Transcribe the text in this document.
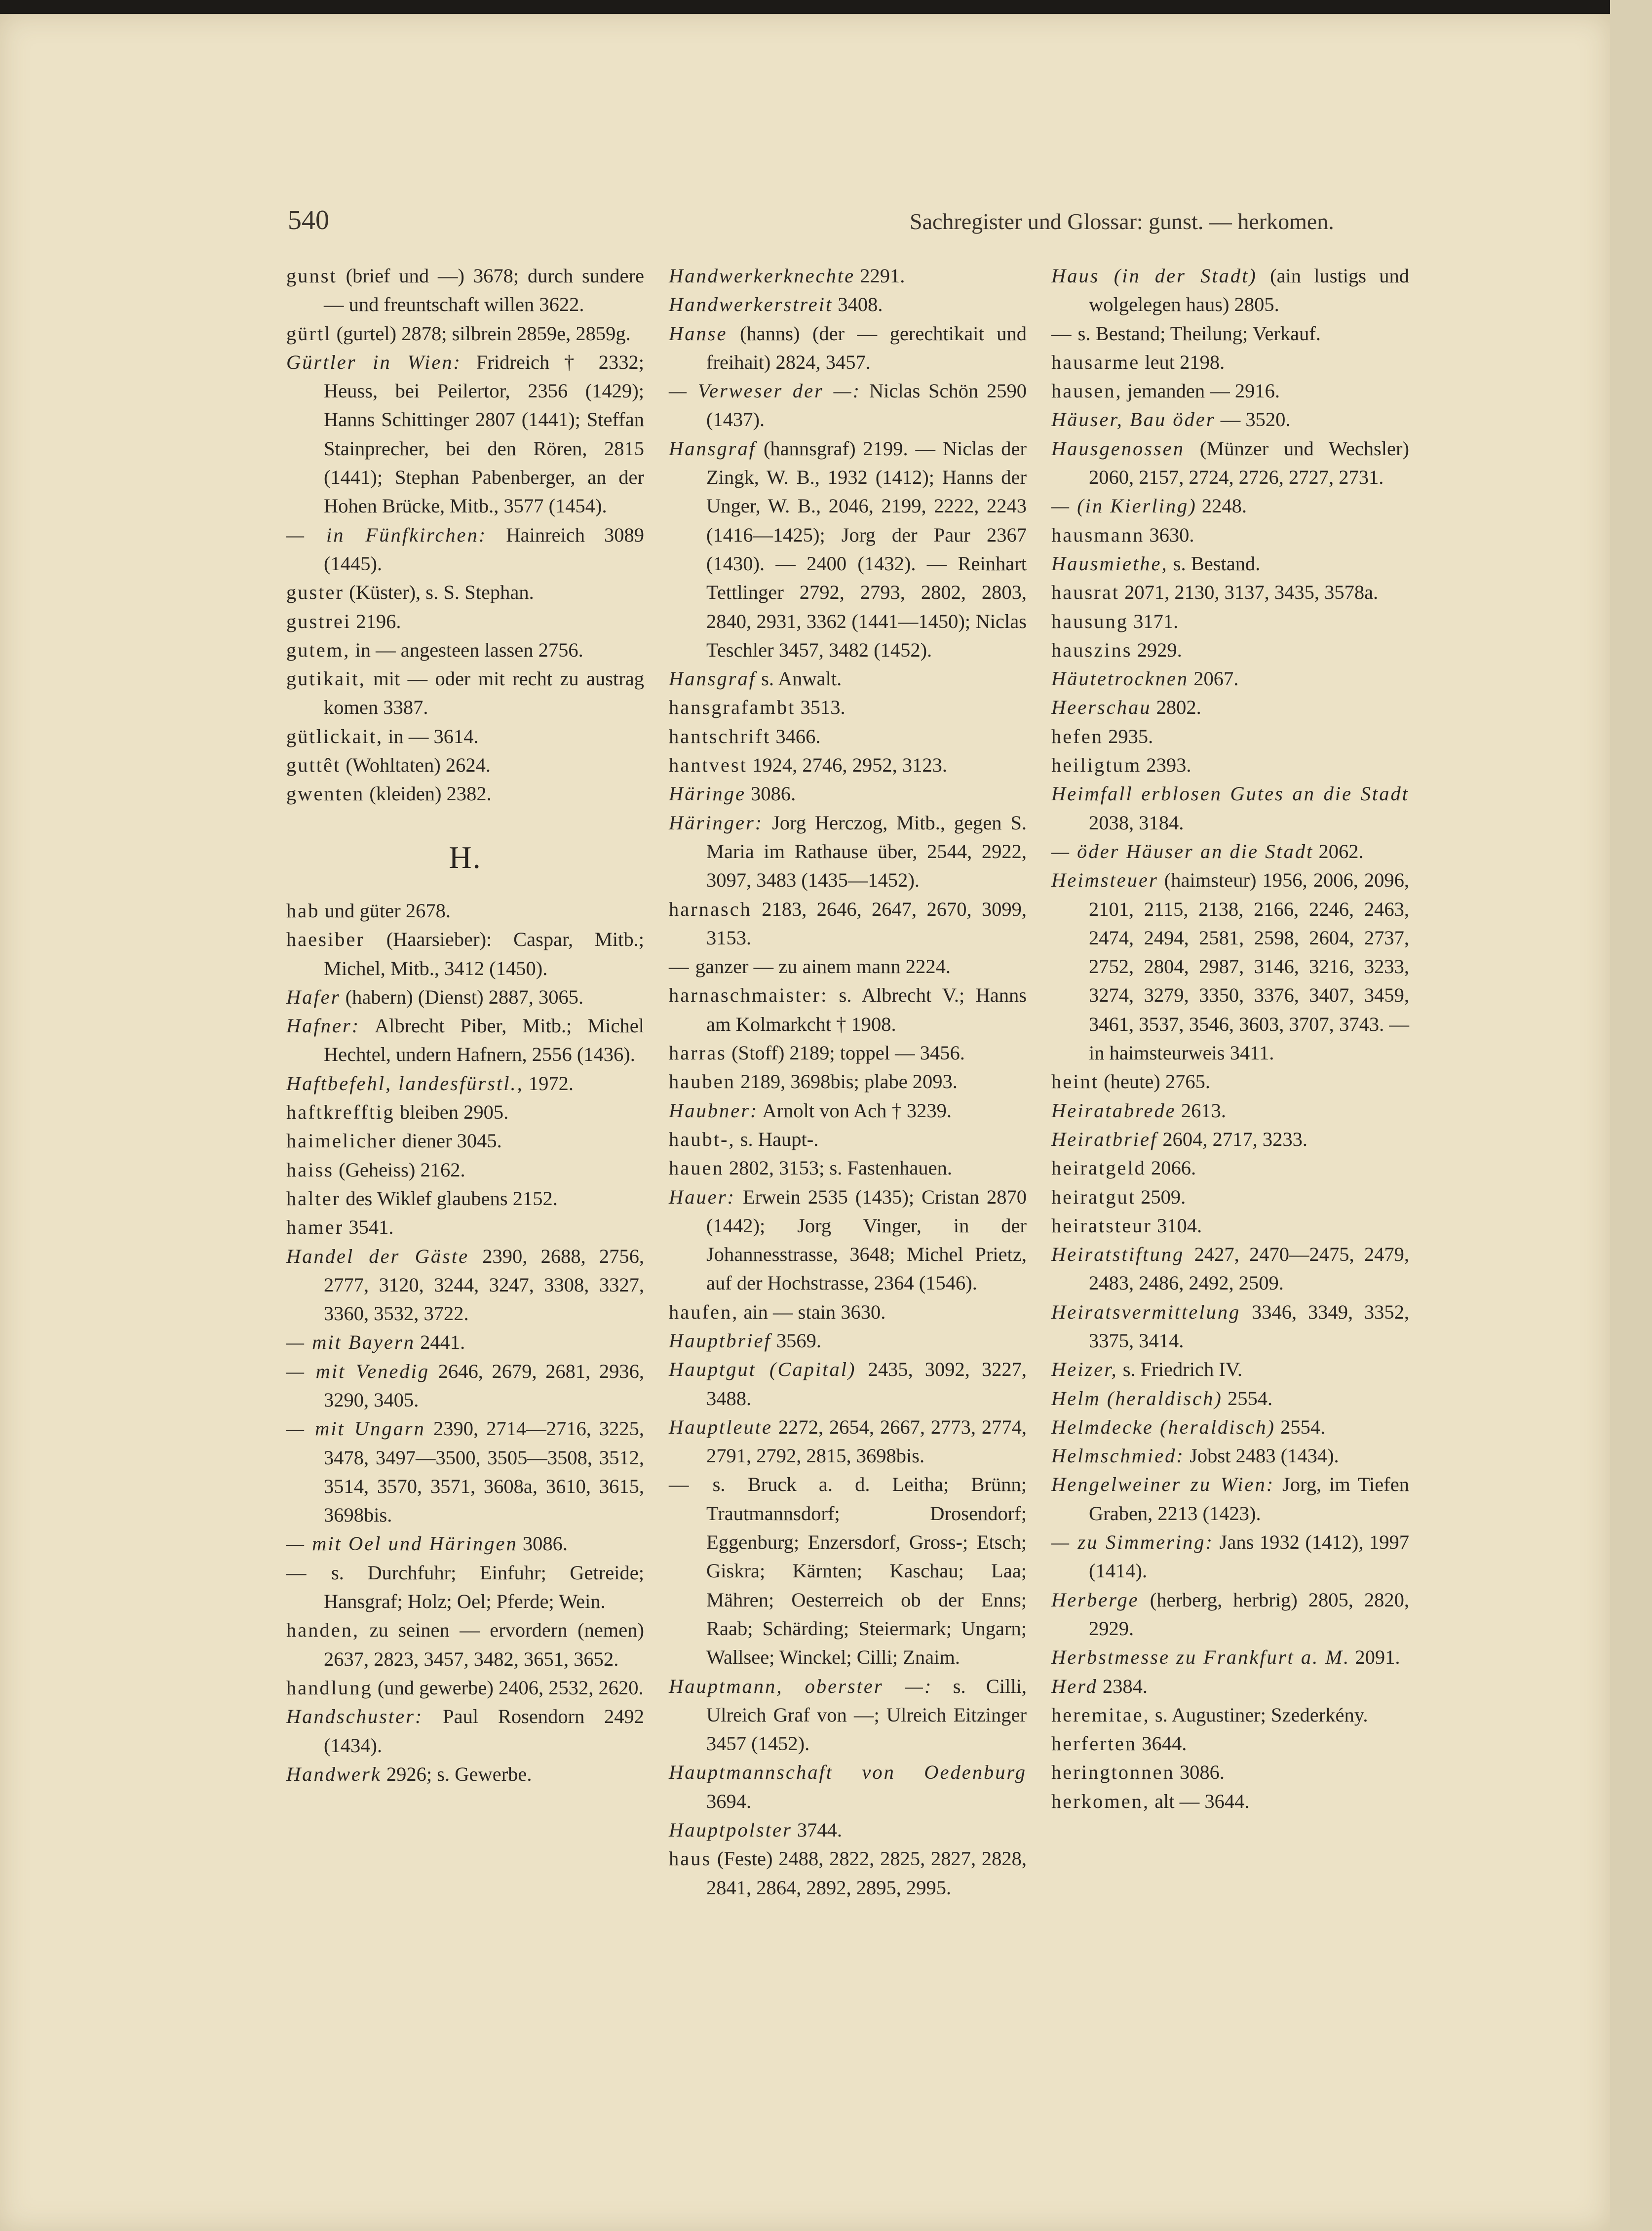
540	Sachregister und Glossar: gunst. — herkomen.

gunst (brief und —) 3678; durch sundere — und freuntschaft willen 3622.

gürtl (gurtel) 2878; silbrein 2859e, 2859g.

Gürtler in Wien: Fridreich † 2332; Heuss, bei Peilertor, 2356 (1429); Hanns Schittinger 2807 (1441); Steffan Stainprecher, bei den Rören, 2815 (1441); Stephan Pabenberger, an der Hohen Brücke, Mitb., 3577 (1454).

— in Fünfkirchen: Hainreich 3089 (1445).

guster (Küster), s. S. Stephan.

gustrei 2196.

gutem, in — angesteen lassen 2756.

gutikait, mit — oder mit recht zu austrag komen 3387.

gütlickait, in — 3614.

guttêt (Wohltaten) 2624.

gwenten (kleiden) 2382.

H.

hab und güter 2678.

haesiber (Haarsieber): Caspar, Mitb.; Michel, Mitb., 3412 (1450).

Hafer (habern) (Dienst) 2887, 3065.

Hafner: Albrecht Piber, Mitb.; Michel Hechtel, undern Hafnern, 2556 (1436).

Haftbefehl, landesfürstl., 1972.

haftkrefftig bleiben 2905.

haimelicher diener 3045.

haiss (Geheiss) 2162.

halter des Wiklef glaubens 2152.

hamer 3541.

Handel der Gäste 2390, 2688, 2756, 2777, 3120, 3244, 3247, 3308, 3327, 3360, 3532, 3722.

— mit Bayern 2441.

— mit Venedig 2646, 2679, 2681, 2936, 3290, 3405.

— mit Ungarn 2390, 2714—2716, 3225, 3478, 3497—3500, 3505—3508, 3512, 3514, 3570, 3571, 3608a, 3610, 3615, 3698bis.

— mit Oel und Häringen 3086.

— s. Durchfuhr; Einfuhr; Getreide; Hansgraf; Holz; Oel; Pferde; Wein.

handen, zu seinen — ervordern (nemen) 2637, 2823, 3457, 3482, 3651, 3652.

handlung (und gewerbe) 2406, 2532, 2620.

Handschuster: Paul Rosendorn 2492 (1434).

Handwerk 2926; s. Gewerbe.

Handwerkerknechte 2291.

Handwerkerstreit 3408.

Hanse (hanns) (der — gerechtikait und freihait) 2824, 3457.

— Verweser der —: Niclas Schön 2590 (1437).

Hansgraf (hannsgraf) 2199. — Niclas der Zingk, W. B., 1932 (1412); Hanns der Unger, W. B., 2046, 2199, 2222, 2243 (1416—1425); Jorg der Paur 2367 (1430). — 2400 (1432). — Reinhart Tettlinger 2792, 2793, 2802, 2803, 2840, 2931, 3362 (1441—1450); Niclas Teschler 3457, 3482 (1452).

Hansgraf s. Anwalt.

hansgrafambt 3513.

hantschrift 3466.

hantvest 1924, 2746, 2952, 3123.

Häringe 3086.

Häringer: Jorg Herczog, Mitb., gegen S. Maria im Rathause über, 2544, 2922, 3097, 3483 (1435—1452).

harnasch 2183, 2646, 2647, 2670, 3099, 3153.

— ganzer — zu ainem mann 2224.

harnaschmaister: s. Albrecht V.; Hanns am Kolmarkcht † 1908.

harras (Stoff) 2189; toppel — 3456.

hauben 2189, 3698bis; plabe 2093.

Haubner: Arnolt von Ach † 3239.

haubt-, s. Haupt-.

hauen 2802, 3153; s. Fastenhauen.

Hauer: Erwein 2535 (1435); Cristan 2870 (1442); Jorg Vinger, in der Johannesstrasse, 3648; Michel Prietz, auf der Hochstrasse, 2364 (1546).

haufen, ain — stain 3630.

Hauptbrief 3569.

Hauptgut (Capital) 2435, 3092, 3227, 3488.

Hauptleute 2272, 2654, 2667, 2773, 2774, 2791, 2792, 2815, 3698bis.

— s. Bruck a. d. Leitha; Brünn; Trautmannsdorf; Drosendorf; Eggenburg; Enzersdorf, Gross-; Etsch; Giskra; Kärnten; Kaschau; Laa; Mähren; Oesterreich ob der Enns; Raab; Schärding; Steiermark; Ungarn; Wallsee; Winckel; Cilli; Znaim.

Hauptmann, oberster —: s. Cilli, Ulreich Graf von —; Ulreich Eitzinger 3457 (1452).

Hauptmannschaft von Oedenburg 3694.

Hauptpolster 3744.

haus (Feste) 2488, 2822, 2825, 2827, 2828, 2841, 2864, 2892, 2895, 2995.

Haus (in der Stadt) (ain lustigs und wolgelegen haus) 2805.

— s. Bestand; Theilung; Verkauf.

hausarme leut 2198.

hausen, jemanden — 2916.

Häuser, Bau öder — 3520.

Hausgenossen (Münzer und Wechsler) 2060, 2157, 2724, 2726, 2727, 2731.

— (in Kierling) 2248.

hausmann 3630.

Hausmiethe, s. Bestand.

hausrat 2071, 2130, 3137, 3435, 3578a.

hausung 3171.

hauszins 2929.

Häutetrocknen 2067.

Heerschau 2802.

hefen 2935.

heiligtum 2393.

Heimfall erblosen Gutes an die Stadt 2038, 3184.

— öder Häuser an die Stadt 2062.

Heimsteuer (haimsteur) 1956, 2006, 2096, 2101, 2115, 2138, 2166, 2246, 2463, 2474, 2494, 2581, 2598, 2604, 2737, 2752, 2804, 2987, 3146, 3216, 3233, 3274, 3279, 3350, 3376, 3407, 3459, 3461, 3537, 3546, 3603, 3707, 3743. — in haimsteurweis 3411.

heint (heute) 2765.

Heiratabrede 2613.

Heiratbrief 2604, 2717, 3233.

heiratgeld 2066.

heiratgut 2509.

heiratsteur 3104.

Heiratstiftung 2427, 2470—2475, 2479, 2483, 2486, 2492, 2509.

Heiratsvermittelung 3346, 3349, 3352, 3375, 3414.

Heizer, s. Friedrich IV.

Helm (heraldisch) 2554.

Helmdecke (heraldisch) 2554.

Helmschmied: Jobst 2483 (1434).

Hengelweiner zu Wien: Jorg, im Tiefen Graben, 2213 (1423).

— zu Simmering: Jans 1932 (1412), 1997 (1414).

Herberge (herberg, herbrig) 2805, 2820, 2929.

Herbstmesse zu Frankfurt a. M. 2091.

Herd 2384.

heremitae, s. Augustiner; Szederkény.

herferten 3644.

heringtonnen 3086.

herkomen, alt — 3644.
